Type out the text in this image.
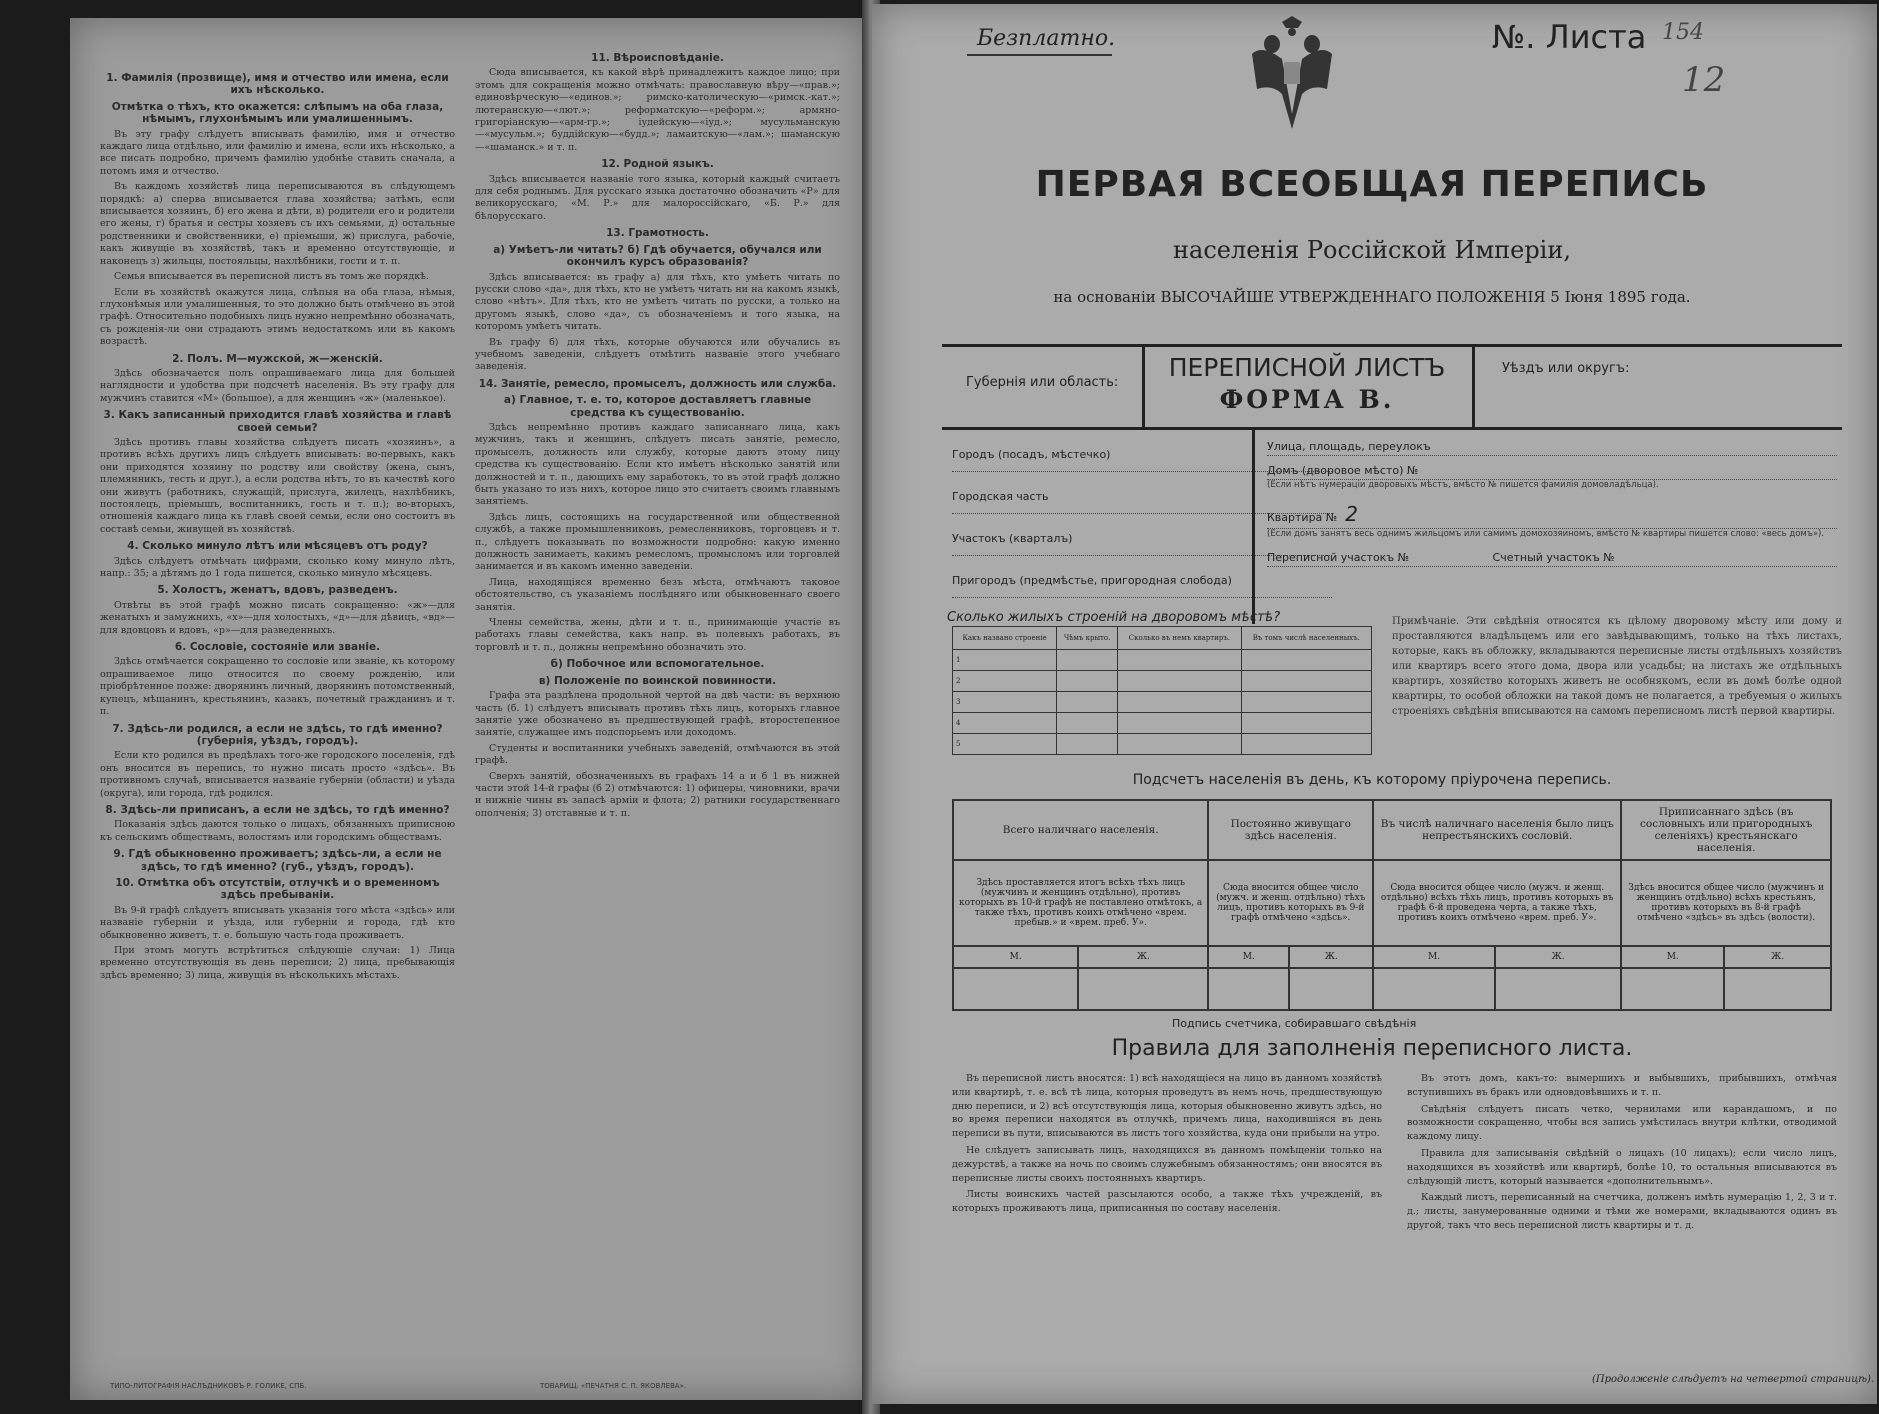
1. Фамилія (прозвище), имя и отчество или имена, если ихъ нѣсколько.
Отмѣтка о тѣхъ, кто окажется: слѣпымъ на оба глаза, нѣмымъ, глухонѣмымъ или умалишеннымъ.

Въ эту графу слѣдуетъ вписывать фамилію, имя и отчество каждаго лица отдѣльно, или фамилію и имена, если ихъ нѣсколько, а все писать подробно, причемъ фамилію удобнѣе ставить сначала, а потомъ имя и отчество.

Въ каждомъ хозяйствѣ лица переписываются въ слѣдующемъ порядкѣ: а) сперва вписывается глава хозяйства; затѣмъ, если вписывается хозяинъ, б) его жена и дѣти, в) родители его и родители его жены, г) братья и сестры хозяевъ съ ихъ семьями, д) остальные родственники и свойственники, е) пріемыши, ж) прислуга, рабочіе, какъ живущіе въ хозяйствѣ, такъ и временно отсутствующіе, и наконецъ з) жильцы, постояльцы, нахлѣбники, гости и т. п.

Семья вписывается въ переписной листъ въ томъ же порядкѣ.

Если въ хозяйствѣ окажутся лица, слѣпыя на оба глаза, нѣмыя, глухонѣмыя или умалишенныя, то это должно быть отмѣчено въ этой графѣ. Относительно подобныхъ лицъ нужно непремѣнно обозначать, съ рожденія-ли они страдаютъ этимъ недостаткомъ или въ какомъ возрастѣ.

2. Полъ. М—мужской, ж—женскій.

Здѣсь обозначается полъ опрашиваемаго лица для большей наглядности и удобства при подсчетѣ населенія. Въ эту графу для мужчинъ ставится «М» (большое), а для женщинъ «ж» (маленькое).

3. Какъ записанный приходится главѣ хозяйства и главѣ своей семьи?

Здѣсь противъ главы хозяйства слѣдуетъ писать «хозяинъ», а противъ всѣхъ другихъ лицъ слѣдуетъ вписывать: во-первыхъ, какъ они приходятся хозяину по родству или свойству (жена, сынъ, племянникъ, тесть и друг.), а если родства нѣтъ, то въ качествѣ кого они живутъ (работникъ, служащій, прислуга, жилецъ, нахлѣбникъ, постоялецъ, пріемышъ, воспитанникъ, гость и т. п.); во-вторыхъ, отношенія каждаго лица къ главѣ своей семьи, если оно состоитъ въ составѣ семьи, живущей въ хозяйствѣ.

4. Сколько минуло лѣтъ или мѣсяцевъ отъ роду?

Здѣсь слѣдуетъ отмѣчать цифрами, сколько кому минуло лѣтъ, напр.: 35; а дѣтямъ до 1 года пишется, сколько минуло мѣсяцевъ.

5. Холостъ, женатъ, вдовъ, разведенъ.

Отвѣты въ этой графѣ можно писать сокращенно: «ж»—для женатыхъ и замужнихъ, «х»—для холостыхъ, «д»—для дѣвицъ, «вд»—для вдовцовъ и вдовъ, «р»—для разведенныхъ.

6. Сословіе, состояніе или званіе.

Здѣсь отмѣчается сокращенно то сословіе или званіе, къ которому опрашиваемое лицо относится по своему рожденію, или пріобрѣтенное позже: дворянинъ личный, дворянинъ потомственный, купецъ, мѣщанинъ, крестьянинъ, казакъ, почетный гражданинъ и т. п.

7. Здѣсь-ли родился, а если не здѣсь, то гдѣ именно? (губернія, уѣздъ, городъ).

Если кто родился въ предѣлахъ того-же городского поселенія, гдѣ онъ вносится въ перепись, то нужно писать просто «здѣсь». Въ противномъ случаѣ, вписывается названіе губерніи (области) и уѣзда (округа), или города, гдѣ родился.

8. Здѣсь-ли приписанъ, а если не здѣсь, то гдѣ именно?

Показанія здѣсь даются только о лицахъ, обязанныхъ приписною къ сельскимъ обществамъ, волостямъ или городскимъ обществамъ.

9. Гдѣ обыкновенно проживаетъ; здѣсь-ли, а если не здѣсь, то гдѣ именно? (губ., уѣздъ, городъ).
10. Отмѣтка объ отсутствіи, отлучкѣ и о временномъ здѣсь пребываніи.

Въ 9-й графѣ слѣдуетъ вписывать указанія того мѣста «здѣсь» или названіе губерніи и уѣзда, или губерніи и города, гдѣ кто обыкновенно живетъ, т. е. большую часть года проживаетъ.

При этомъ могутъ встрѣтиться слѣдующіе случаи: 1) Лица временно отсутствующія въ день переписи; 2) лица, пребывающія здѣсь временно; 3) лица, живущія въ нѣсколькихъ мѣстахъ.

11. Вѣроисповѣданіе.

Сюда вписывается, къ какой вѣрѣ принадлежитъ каждое лицо; при этомъ для сокращенія можно отмѣчать: православную вѣру—«прав.»; единовѣрческую—«единов.»; римско-католическую—«римск.-кат.»; лютеранскую—«лют.»; реформатскую—«реформ.»; армяно-григоріанскую—«арм-гр.»; іудейскую—«іуд.»; мусульманскую—«мусульм.»; буддійскую—«будд.»; ламаитскую—«лам.»; шаманскую—«шаманск.» и т. п.

12. Родной языкъ.

Здѣсь вписывается названіе того языка, который каждый считаетъ для себя роднымъ. Для русскаго языка достаточно обозначить «Р» для великорусскаго, «М. Р.» для малороссійскаго, «Б. Р.» для бѣлорусскаго.

13. Грамотность.
а) Умѣетъ-ли читать? б) Гдѣ обучается, обучался или окончилъ курсъ образованія?

Здѣсь вписывается: въ графу а) для тѣхъ, кто умѣетъ читать по русски слово «да», для тѣхъ, кто не умѣетъ читать ни на какомъ языкѣ, слово «нѣтъ». Для тѣхъ, кто не умѣетъ читать по русски, а только на другомъ языкѣ, слово «да», съ обозначеніемъ и того языка, на которомъ умѣетъ читать.

Въ графу б) для тѣхъ, которые обучаются или обучались въ учебномъ заведеніи, слѣдуетъ отмѣтить названіе этого учебнаго заведенія.

14. Занятіе, ремесло, промыселъ, должность или служба.
а) Главное, т. е. то, которое доставляетъ главные средства къ существованію.

Здѣсь непремѣнно противъ каждаго записаннаго лица, какъ мужчинъ, такъ и женщинъ, слѣдуетъ писать занятіе, ремесло, промыселъ, должность или службу, которые даютъ этому лицу средства къ существованію. Если кто имѣетъ нѣсколько занятій или должностей и т. п., дающихъ ему заработокъ, то въ этой графѣ должно быть указано то изъ нихъ, которое лицо это считаетъ своимъ главнымъ занятіемъ.

Здѣсь лицъ, состоящихъ на государственной или общественной службѣ, а также промышленниковъ, ремесленниковъ, торговцевъ и т. п., слѣдуетъ показывать по возможности подробно: какую именно должность занимаетъ, какимъ ремесломъ, промысломъ или торговлей занимается и въ какомъ именно заведеніи.

Лица, находящіяся временно безъ мѣста, отмѣчаютъ таковое обстоятельство, съ указаніемъ послѣдняго или обыкновеннаго своего занятія.

Члены семейства, жены, дѣти и т. п., принимающіе участіе въ работахъ главы семейства, какъ напр. въ полевыхъ работахъ, въ торговлѣ и т. п., должны непремѣнно обозначить это.

б) Побочное или вспомогательное.
в) Положеніе по воинской повинности.

Графа эта раздѣлена продольной чертой на двѣ части: въ верхнюю часть (б. 1) слѣдуетъ вписывать противъ тѣхъ лицъ, которыхъ главное занятіе уже обозначено въ предшествующей графѣ, второстепенное занятіе, служащее имъ подспорьемъ или доходомъ.

Студенты и воспитанники учебныхъ заведеній, отмѣчаются въ этой графѣ.

Сверхъ занятій, обозначенныхъ въ графахъ 14 а и б 1 въ нижней части этой 14-й графы (б 2) отмѣчаются: 1) офицеры, чиновники, врачи и нижніе чины въ запасѣ арміи и флота; 2) ратники государственнаго ополченія; 3) отставные и т. п.

ТИПО-ЛИТОГРАФІЯ НАСЛѢДНИКОВЪ Р. ГОЛИКЕ, СПБ.	ТОВАРИЩ. «ПЕЧАТНЯ С. П. ЯКОВЛЕВА».
Безплатно.	№. Листа 154
12
ПЕРВАЯ ВСЕОБЩАЯ ПЕРЕПИСЬ
населенія Россійской Имперіи,
на основаніи ВЫСОЧАЙШЕ УТВЕРЖДЕННАГО ПОЛОЖЕНІЯ 5 Іюня 1895 года.
Губернія или область:
ПЕРЕПИСНОЙ ЛИСТЪ
ФОРМА В.
Уѣздъ или округъ:
Городъ (посадъ, мѣстечко)
Городская часть
Участокъ (кварталъ)
Пригородъ (предмѣстье, пригородная слобода)
Улица, площадь, переулокъ
Домъ (дворовое мѣсто) №
(Если нѣтъ нумераціи дворовыхъ мѣстъ, вмѣсто № пишется фамилія домовладѣльца).
Квартира № 2
(Если домъ занятъ весь однимъ жильцомъ или самимъ домохозяиномъ, вмѣсто № квартиры пишется слово: «весь домъ»).
Переписной участокъ №	Счетный участокъ №
Сколько жилыхъ строеній на дворовомъ мѣстѣ?
Какъ названо строеніе	Чѣмъ крыто.	Сколько въ немъ квартиръ.	Въ томъ числѣ населенныхъ.
1			
2			
3			
4			
5			
Примѣчаніе. Эти свѣдѣнія относятся къ цѣлому дворовому мѣсту или дому и проставляются владѣльцемъ или его завѣдывающимъ, только на тѣхъ листахъ, которые, какъ въ обложку, вкладываются переписные листы отдѣльныхъ хозяйствъ или квартиръ всего этого дома, двора или усадьбы; на листахъ же отдѣльныхъ квартиръ, хозяйство которыхъ живетъ не особнякомъ, если въ домѣ болѣе одной квартиры, то особой обложки на такой домъ не полагается, а требуемыя о жилыхъ строеніяхъ свѣдѣнія вписываются на самомъ переписномъ листѣ первой квартиры.
Подсчетъ населенія въ день, къ которому пріурочена перепись.
Всего наличнаго населенія.		Постоянно живущаго здѣсь населенія.		Въ числѣ наличнаго населенія было лицъ непрестьянскихъ сословій.		Приписаннаго здѣсь (въ сословныхъ или пригородныхъ селеніяхъ) крестьянскаго населенія.	
Здѣсь проставляется итогъ всѣхъ тѣхъ лицъ (мужчинъ и женщинъ отдѣльно), противъ которыхъ въ 10-й графѣ не поставлено отмѣтокъ, а также тѣхъ, противъ коихъ отмѣчено «врем. пребыв.» и «врем. преб. У».		Сюда вносится общее число (мужч. и женщ. отдѣльно) тѣхъ лицъ, противъ которыхъ въ 9-й графѣ отмѣчено «здѣсь».		Сюда вносится общее число (мужч. и женщ. отдѣльно) всѣхъ тѣхъ лицъ, противъ которыхъ въ графѣ 6-й проведена черта, а также тѣхъ, противъ коихъ отмѣчено «врем. преб. У».		Здѣсь вносится общее число (мужчинъ и женщинъ отдѣльно) всѣхъ крестьянъ, противъ которыхъ въ 8-й графѣ отмѣчено «здѣсь» въ здѣсь (волости).	
М.	Ж.	М.	Ж.	М.	Ж.	М.	Ж.

Подпись счетчика, собиравшаго свѣдѣнія
Правила для заполненія переписного листа.

Въ переписной листъ вносятся: 1) всѣ находящіеся на лицо въ данномъ хозяйствѣ или квартирѣ, т. е. всѣ тѣ лица, которыя проведутъ въ немъ ночь, предшествующую дню переписи, и 2) всѣ отсутствующія лица, которыя обыкновенно живутъ здѣсь, но во время переписи находятся въ отлучкѣ, причемъ лица, находившіяся въ день переписи въ пути, вписываются въ листъ того хозяйства, куда они прибыли на утро.

Не слѣдуетъ записывать лицъ, находящихся въ данномъ помѣщеніи только на дежурствѣ, а также на ночь по своимъ служебнымъ обязанностямъ; они вносятся въ переписные листы своихъ постоянныхъ квартиръ.

Листы воинскихъ частей разсылаются особо, а также тѣхъ учрежденій, въ которыхъ проживаютъ лица, приписанныя по составу населенія.

Въ этотъ домъ, какъ-то: вымершихъ и выбывшихъ, прибывшихъ, отмѣчая вступившихъ въ бракъ или одновдовѣвшихъ и т. п.

Свѣдѣнія слѣдуетъ писать четко, чернилами или карандашомъ, и по возможности сокращенно, чтобы вся запись умѣстилась внутри клѣтки, отводимой каждому лицу.

Правила для записыванія свѣдѣній о лицахъ (10 лицахъ); если число лицъ, находящихся въ хозяйствѣ или квартирѣ, болѣе 10, то остальныя вписываются въ слѣдующій листъ, который называется «дополнительнымъ».

Каждый листъ, переписанный на счетчика, долженъ имѣть нумерацію 1, 2, 3 и т. д.; листы, занумерованные одними и тѣми же номерами, вкладываются одинъ въ другой, такъ что весь переписной листъ квартиры и т. д.

(Продолженіе слѣдуетъ на четвертой страницѣ).
